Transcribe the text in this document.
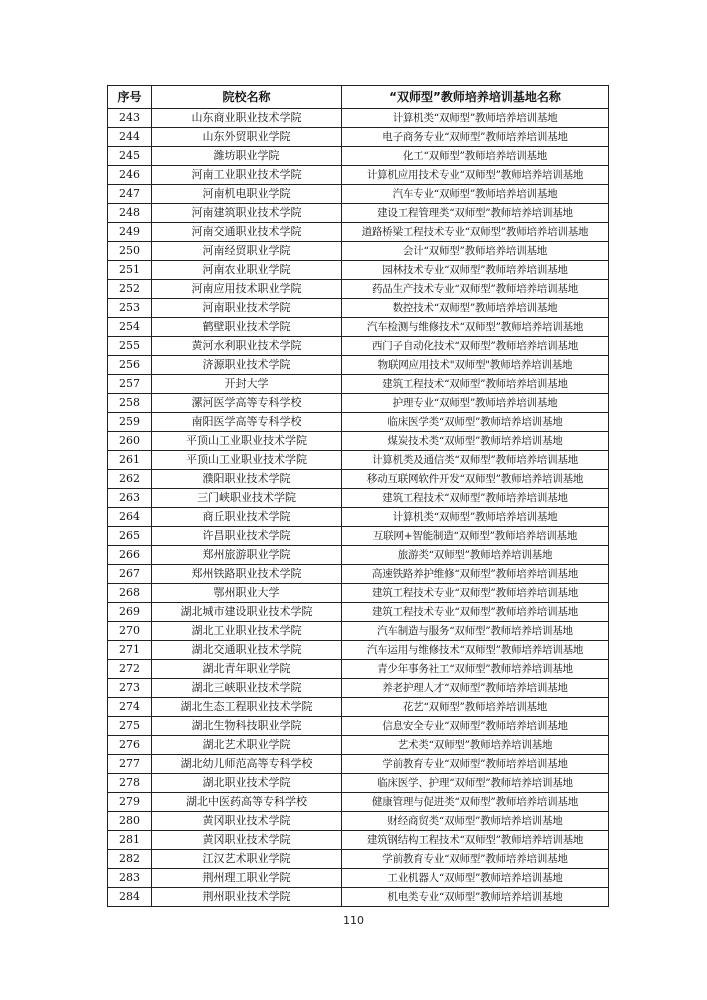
序号	院校名称	“双师型”教师培养培训基地名称
243	山东商业职业技术学院	计算机类“双师型”教师培养培训基地
244	山东外贸职业学院	电子商务专业“双师型”教师培养培训基地
245	潍坊职业学院	化工“双师型”教师培养培训基地
246	河南工业职业技术学院	计算机应用技术专业“双师型”教师培养培训基地
247	河南机电职业学院	汽车专业“双师型”教师培养培训基地
248	河南建筑职业技术学院	建设工程管理类“双师型”教师培养培训基地
249	河南交通职业技术学院	道路桥梁工程技术专业“双师型”教师培养培训基地
250	河南经贸职业学院	会计“双师型”教师培养培训基地
251	河南农业职业学院	园林技术专业“双师型”教师培养培训基地
252	河南应用技术职业学院	药品生产技术专业“双师型”教师培养培训基地
253	河南职业技术学院	数控技术“双师型”教师培养培训基地
254	鹤壁职业技术学院	汽车检测与维修技术“双师型”教师培养培训基地
255	黄河水利职业技术学院	西门子自动化技术“双师型”教师培养培训基地
256	济源职业技术学院	物联网应用技术"双师型"教师培养培训基地
257	开封大学	建筑工程技术“双师型”教师培养培训基地
258	漯河医学高等专科学校	护理专业“双师型”教师培养培训基地
259	南阳医学高等专科学校	临床医学类“双师型”教师培养培训基地
260	平顶山工业职业技术学院	煤炭技术类“双师型”教师培养培训基地
261	平顶山工业职业技术学院	计算机类及通信类“双师型”教师培养培训基地
262	濮阳职业技术学院	移动互联网软件开发“双师型”教师培养培训基地
263	三门峡职业技术学院	建筑工程技术“双师型”教师培养培训基地
264	商丘职业技术学院	计算机类“双师型”教师培养培训基地
265	许昌职业技术学院	互联网+智能制造“双师型”教师培养培训基地
266	郑州旅游职业学院	旅游类“双师型”教师培养培训基地
267	郑州铁路职业技术学院	高速铁路养护维修“双师型”教师培养培训基地
268	鄂州职业大学	建筑工程技术专业“双师型”教师培养培训基地
269	湖北城市建设职业技术学院	建筑工程技术专业“双师型”教师培养培训基地
270	湖北工业职业技术学院	汽车制造与服务“双师型”教师培养培训基地
271	湖北交通职业技术学院	汽车运用与维修技术“双师型”教师培养培训基地
272	湖北青年职业学院	青少年事务社工“双师型”教师培养培训基地
273	湖北三峡职业技术学院	养老护理人才“双师型”教师培养培训基地
274	湖北生态工程职业技术学院	花艺“双师型”教师培养培训基地
275	湖北生物科技职业学院	信息安全专业“双师型”教师培养培训基地
276	湖北艺术职业学院	艺术类“双师型”教师培养培训基地
277	湖北幼儿师范高等专科学校	学前教育专业“双师型”教师培养培训基地
278	湖北职业技术学院	临床医学、护理“双师型”教师培养培训基地
279	湖北中医药高等专科学校	健康管理与促进类“双师型”教师培养培训基地
280	黄冈职业技术学院	财经商贸类“双师型”教师培养培训基地
281	黄冈职业技术学院	建筑钢结构工程技术“双师型”教师培养培训基地
282	江汉艺术职业学院	学前教育专业“双师型”教师培养培训基地
283	荆州理工职业学院	工业机器人“双师型”教师培养培训基地
284	荆州职业技术学院	机电类专业“双师型”教师培养培训基地
110
